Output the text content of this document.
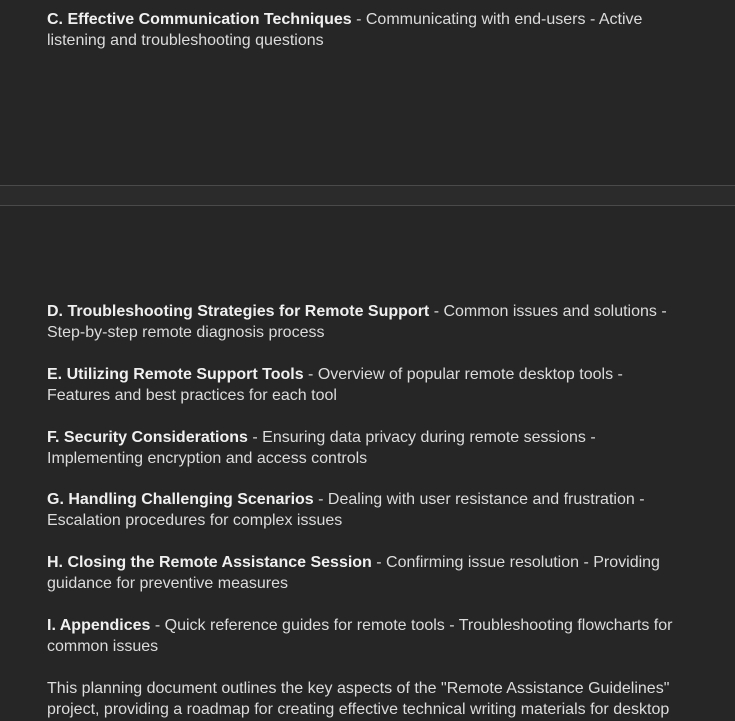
C. Effective Communication Techniques - Communicating with end-users - Active listening and troubleshooting questions

D. Troubleshooting Strategies for Remote Support - Common issues and solutions - Step-by-step remote diagnosis process

E. Utilizing Remote Support Tools - Overview of popular remote desktop tools - Features and best practices for each tool

F. Security Considerations - Ensuring data privacy during remote sessions - Implementing encryption and access controls

G. Handling Challenging Scenarios - Dealing with user resistance and frustration - Escalation procedures for complex issues

H. Closing the Remote Assistance Session - Confirming issue resolution - Providing guidance for preventive measures

I. Appendices - Quick reference guides for remote tools - Troubleshooting flowcharts for common issues

This planning document outlines the key aspects of the "Remote Assistance Guidelines" project, providing a roadmap for creating effective technical writing materials for desktop
